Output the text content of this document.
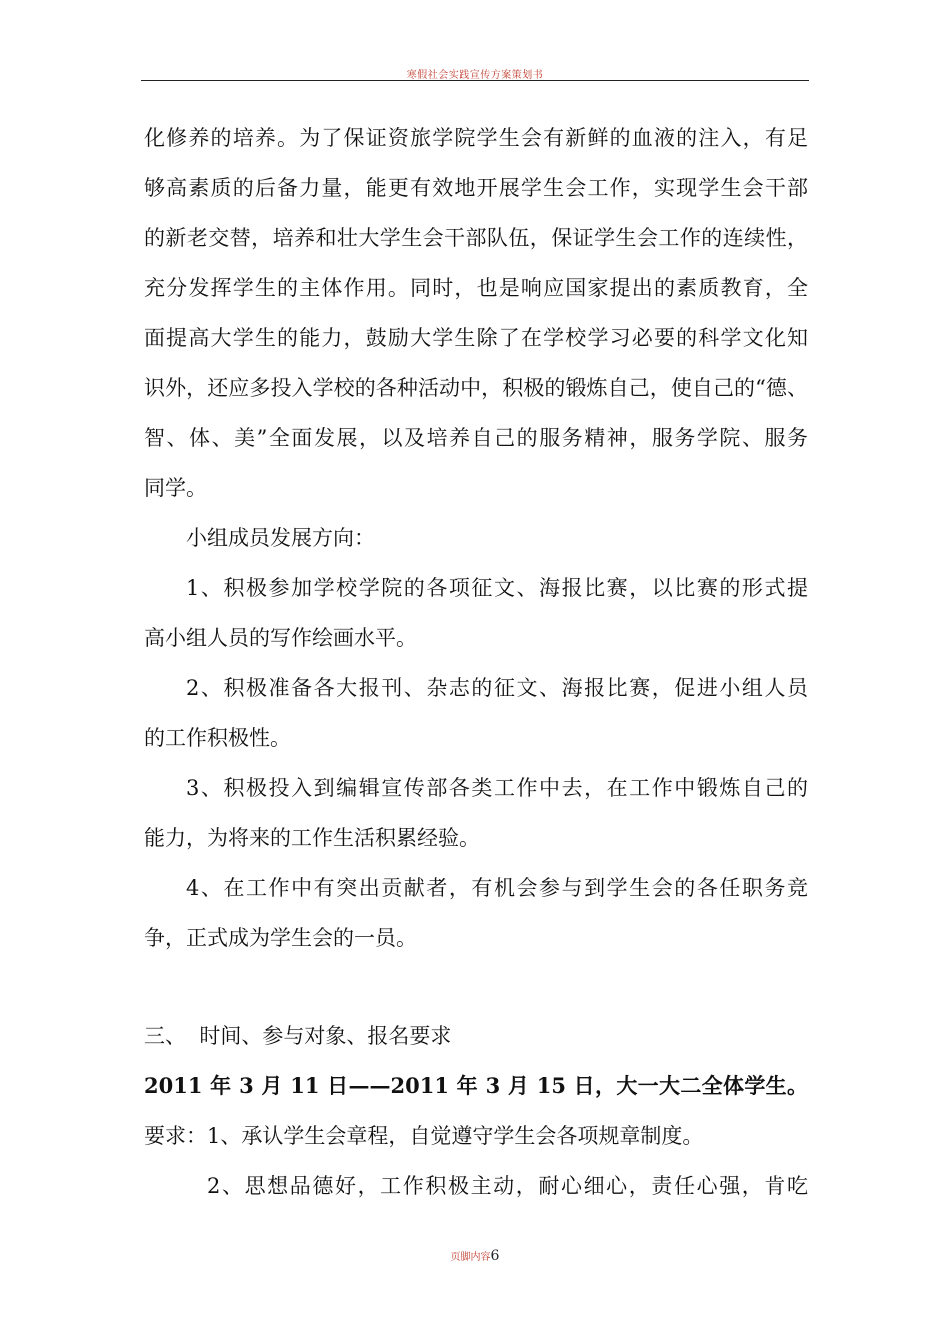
寒假社会实践宣传方案策划书
化修养的培养。为了保证资旅学院学生会有新鲜的血液的注入，有足
够高素质的后备力量，能更有效地开展学生会工作，实现学生会干部
的新老交替，培养和壮大学生会干部队伍，保证学生会工作的连续性，
充分发挥学生的主体作用。同时，也是响应国家提出的素质教育，全
面提高大学生的能力，鼓励大学生除了在学校学习必要的科学文化知
识外，还应多投入学校的各种活动中，积极的锻炼自己，使自己的“德、
智、体、美”全面发展，以及培养自己的服务精神，服务学院、服务
同学。
小组成员发展方向：
1、积极参加学校学院的各项征文、海报比赛，以比赛的形式提
高小组人员的写作绘画水平。
2、积极准备各大报刊、杂志的征文、海报比赛，促进小组人员
的工作积极性。
3、积极投入到编辑宣传部各类工作中去，在工作中锻炼自己的
能力，为将来的工作生活积累经验。
4、在工作中有突出贡献者，有机会参与到学生会的各任职务竞
争，正式成为学生会的一员。
三、  时间、参与对象、报名要求
2011 年 3 月 11 日——2011 年 3 月 15 日，大一大二全体学生。
要求：1、承认学生会章程，自觉遵守学生会各项规章制度。
2、思想品德好，工作积极主动，耐心细心，责任心强，肯吃
页脚内容6
